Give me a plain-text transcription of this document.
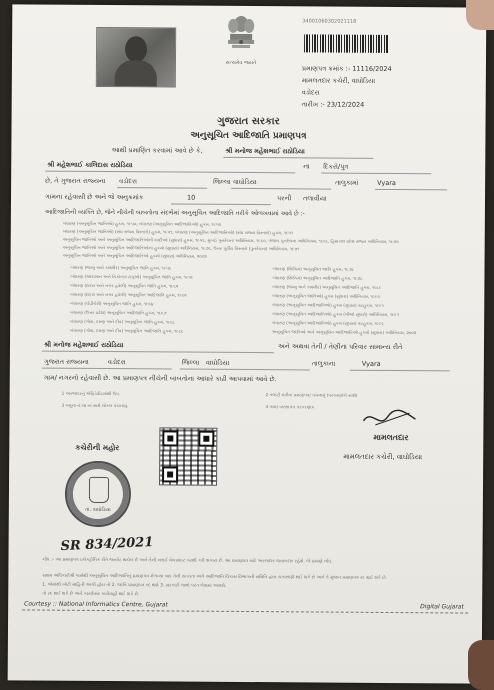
સત્યમેવ જયતે
34001060302021118
પ્રમાણપત્ર ક્રમાંક :- 11116/2024
મામલતદાર કચેરી, વાઘોડિયા
વડોદરા
તારીખ :- 23/12/2024
ગુજરાત સરકાર
અનુસૂચિત આદિજાતિ પ્રમાણપત્ર
આથી પ્રમાણિત કરવામાં આવે છે કે,	શ્રી મનોજ મહેશભાઈ રાઠોડિયા
શ્રી મહેશભાઈ કાલિદાસ રાઠોડિયા	ના દિકરો/પુત્ર
છે, તે ગુજરાત રાજ્યના વડોદરા	જિલ્લા વાઘોડિયા	તાલુકામાં	Vyara
ગામના રહેવાસી છે અને જે અનુક્રમાંક	10	પરની તલાવીયા
આદિજાતિની વ્યક્તિ છે, જેને નીચેની બાબતોના સંદર્ભમાં અનુસૂચિત આદિજાતિ તરીકે ઓળખવામાં આવે છે :-
બંધારણ (અનુસૂચિત જાતિઓ) હુકમ, ૧૯૫૦, બંધારણ (અનુસૂચિત આદિજાતિઓ) હુકમ, ૧૯૫૦
બંધારણ (અનુસૂચિત જાતિઓ) (સંઘ રાજ્ય વિસ્તારો) હુકમ, ૧૯૫૧, બંધારણ (અનુસૂચિત આદિજાતિઓ) (સંઘ રાજ્ય વિસ્તારો) હુકમ, ૧૯૫૧
અનુસૂચિત જાતિઓ અને અનુસૂચિત આદિજાતિઓની યાદીઓ (સુધારા) હુકમ, ૧૯૫૬, મુંબઈ પુનર્રચના અધિનિયમ, ૧૯૬૦, પંજાબ પુનર્રચના અધિનિયમ, ૧૯૬૬, હિમાચલ પ્રદેશ રાજ્ય અધિનિયમ, ૧૯૭૦
અનુસૂચિત જાતિઓ અને અનુસૂચિત આદિજાતિઓના હુકમો (સુધારા) અધિનિયમ, ૧૯૭૬, ઉત્તર પૂર્વીય વિસ્તારો (પુનર્રચના) અધિનિયમ, ૧૯૭૧
અનુસૂચિત જાતિઓ અને અનુસૂચિત આદિજાતિઓ હુકમો (સુધારા) અધિનિયમ, ૨૦૦૨
બંધારણ (જમ્મુ અને કાશ્મીર) અનુસૂચિત જાતિ હુકમ, ૧૯૫૬
બંધારણ (આંદામાન અને નિકોબાર ટાપુઓ) અનુસૂચિત જાતિ હુકમ, ૧૯૫૯
બંધારણ (દાદરા અને નગર હવેલી) અનુસૂચિત જાતિ હુકમ, ૧૯૬૨
બંધારણ (દાદરા અને નગર હવેલી) અનુસૂચિત આદિજાતિ હુકમ, ૧૯૬૨
બંધારણ (પોંડીચેરી) અનુસૂચિત જાતિ હુકમ, ૧૯૬૪
બંધારણ (ઉત્તર પ્રદેશ) અનુસૂચિત આદિજાતિ હુકમ, ૧૯૬૭
બંધારણ (ગોવા, દમણ અને દીવ) અનુસૂચિત જાતિ હુકમ, ૧૯૬૮
બંધારણ (ગોવા, દમણ અને દીવ) અનુસૂચિત આદિજાતિ હુકમ, ૧૯૬૮
બંધારણ (સિક્કિમ) અનુસૂચિત જાતિ હુકમ, ૧૯૭૮
બંધારણ (સિક્કિમ) અનુસૂચિત આદિજાતિ હુકમ, ૧૯૭૮
બંધારણ (જમ્મુ અને કાશ્મીર) અનુસૂચિત આદિજાતિ હુકમ, ૧૯૮૯
બંધારણ (અનુસૂચિત જાતિઓ) હુકમ (સુધારા) અધિનિયમ, ૧૯૯૦
બંધારણ (અનુસૂચિત આદિજાતિઓ) હુકમ (સુધારા) વટહુકમ, ૧૯૯૧
બંધારણ (અનુસૂચિત આદિજાતિઓ) હુકમ (બીજો સુધારો) અધિનિયમ, ૧૯૯૧
બંધારણ (અનુસૂચિત આદિજાતિઓ) હુકમ (સુધારા) વટહુકમ, ૧૯૯૬
અનુસૂચિત જાતિઓ અને અનુસૂચિત આદિજાતિઓ હુકમો (સુધારા) અધિનિયમ, ૨૦૦૨
શ્રી મનોજ મહેશભાઈ રાઠોડિયા	અને અથવા તેની / તેણીના પરિવાર સામાન્ય રીતે
ગુજરાત રાજ્યના	વડોદરા	જિલ્લા વાઘોડિયા	તાલુકાના	Vyara
ગામ/ નગરનો રહેવાસી છે. આ પ્રમાણપત્ર નીચેની બાબતોના આધારે કાઢી આપવામાં આવે છે.
1 અરજદારનું એફિડેવીટમાંથી ઉપ.	2 તલાટી મંત્રીના પ્રમાણપત્ર/ પંચનામું (પરકરણાંકો સાથે)
3 નમૂના નં.૧૪ ના સાથે લોકલ પંચનામું.	4 ગામ/ વારસાગત પરકરણાંક
કચેરીની મહોર
મામલતદાર
મામલતદાર કચેરી, વાઘોડિયા
તા. વાઘોડિયા
SR 834/2021
નોંધ :- આ પ્રમાણપત્ર ઇલેક્ટ્રોનિક રીતે જનરેટ થયેલ છે અને તેની ખરાઈ વેબસાઇટ પરથી કરી શકાય છે. આ પ્રમાણપત્ર માટે અરજદાર જવાબદાર રહેશે. જે પ્રમાણે નોંધ.
સક્ષમ અધિકારીશ્રી પાસેથી અનુસૂચિત આદિજાતિનું પ્રમાણપત્ર મેળવ્યા બાદ તેની સત્યતા અંગે આદિજાતિ વિકાસ વિભાગની સમિતિ દ્વારા ચકાસણી થઈ શકે છે અને તે મુજબ પ્રમાણપત્ર રદ થઈ શકે છે.
1. જેમાંથી ખોટી માહિતી આપી હોય તો 2. જાતિ પ્રમાણપત્ર રદ થશે 3. સરકારી લાભો પરત લેવામાં આવશે.
તો રદ થઈ શકે છે અને કાયદેસર કાર્યવાહી થઈ શકે છે.
Courtesy :: National Informatics Centre, Gujarat	Digital Gujarat
